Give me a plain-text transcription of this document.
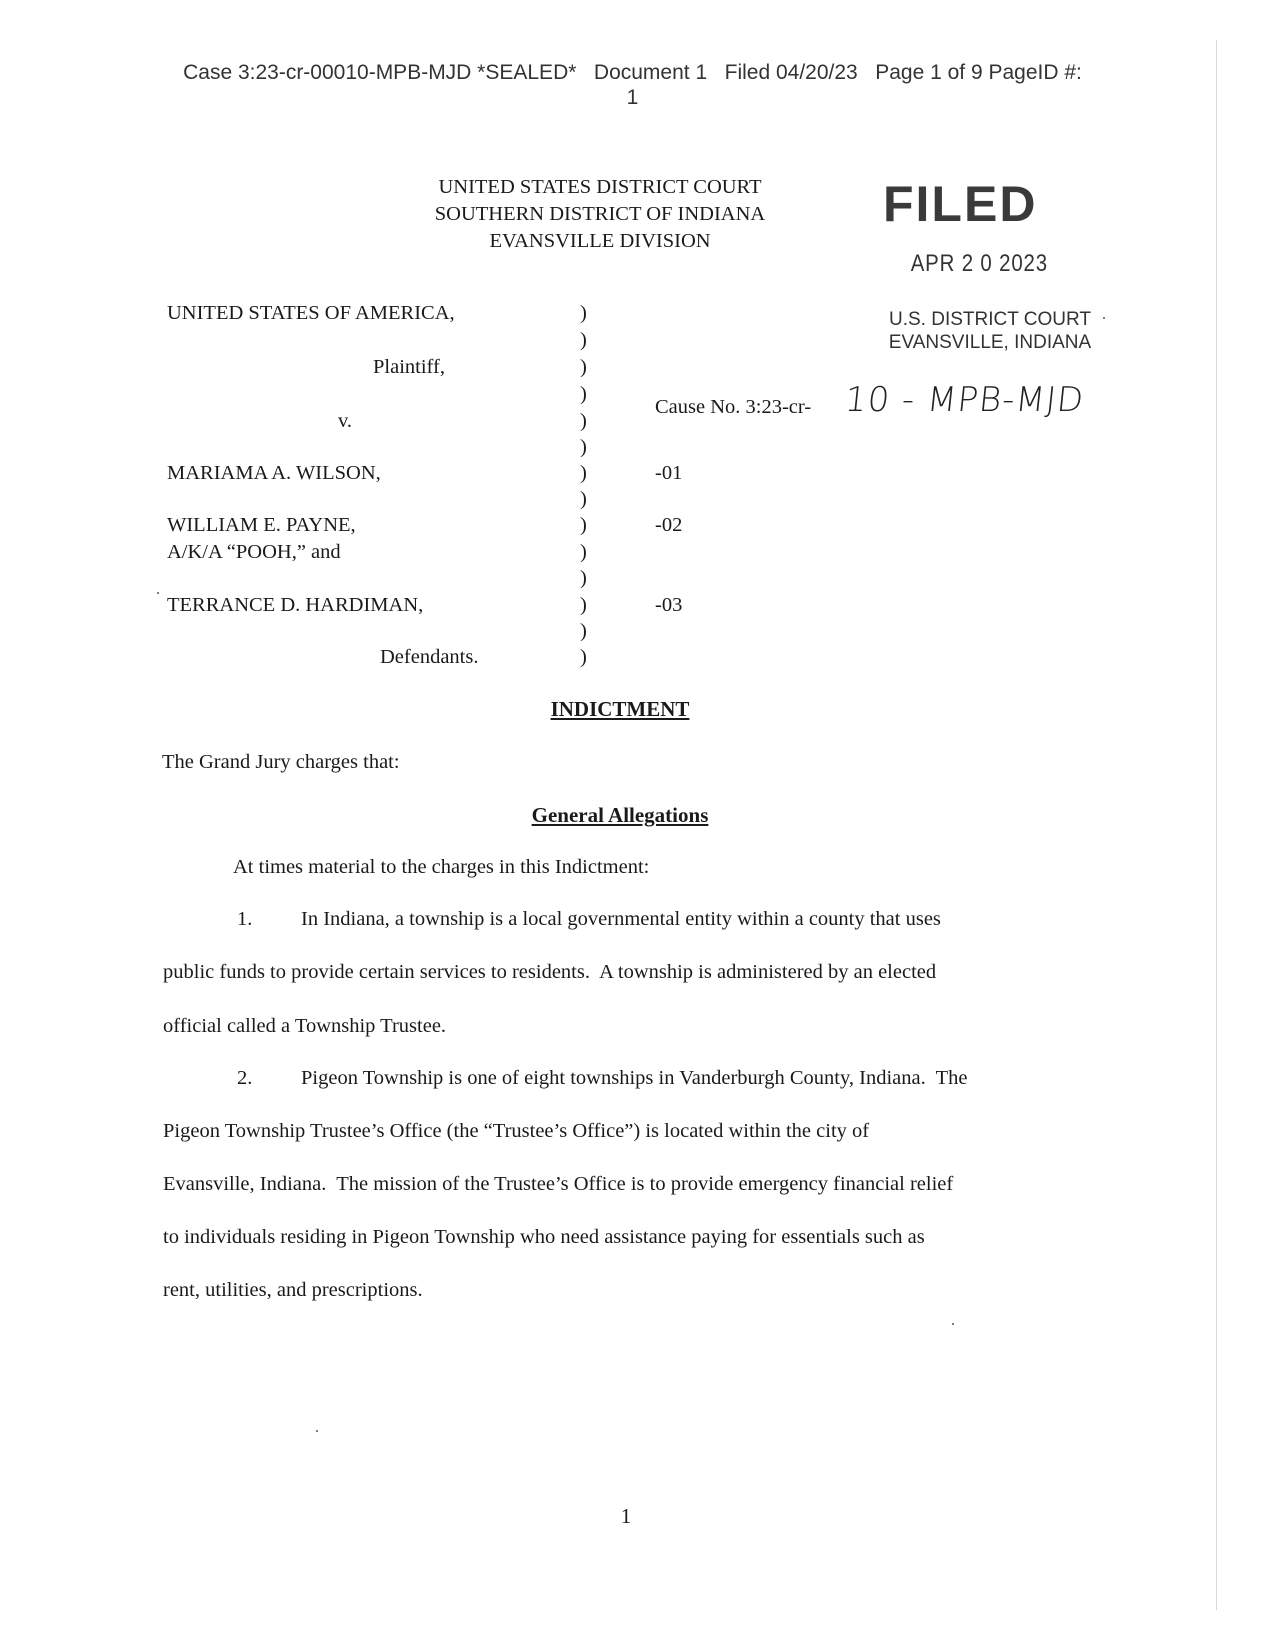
Case 3:23-cr-00010-MPB-MJD *SEALED*   Document 1   Filed 04/20/23   Page 1 of 9 PageID #:
1
UNITED STATES DISTRICT COURT
SOUTHERN DISTRICT OF INDIANA
EVANSVILLE DIVISION
FILED
APR 2 0 2023
U.S. DISTRICT COURT
EVANSVILLE, INDIANA
UNITED STATES OF AMERICA,
Plaintiff,
v.
MARIAMA A. WILSON,
WILLIAM E. PAYNE,
A/K/A “POOH,” and
TERRANCE D. HARDIMAN,
Defendants.
)
)
)
)
)
)
)
)
)
)
)
)
)
)
Cause No. 3:23-cr- 10 - MPB-MJD
-01
-02
-03
INDICTMENT
The Grand Jury charges that:
General Allegations
At times material to the charges in this Indictment:
1. In Indiana, a township is a local governmental entity within a county that uses
public funds to provide certain services to residents.  A township is administered by an elected
official called a Township Trustee.
2. Pigeon Township is one of eight townships in Vanderburgh County, Indiana.  The
Pigeon Township Trustee’s Office (the “Trustee’s Office”) is located within the city of
Evansville, Indiana.  The mission of the Trustee’s Office is to provide emergency financial relief
to individuals residing in Pigeon Township who need assistance paying for essentials such as
rent, utilities, and prescriptions.
1
